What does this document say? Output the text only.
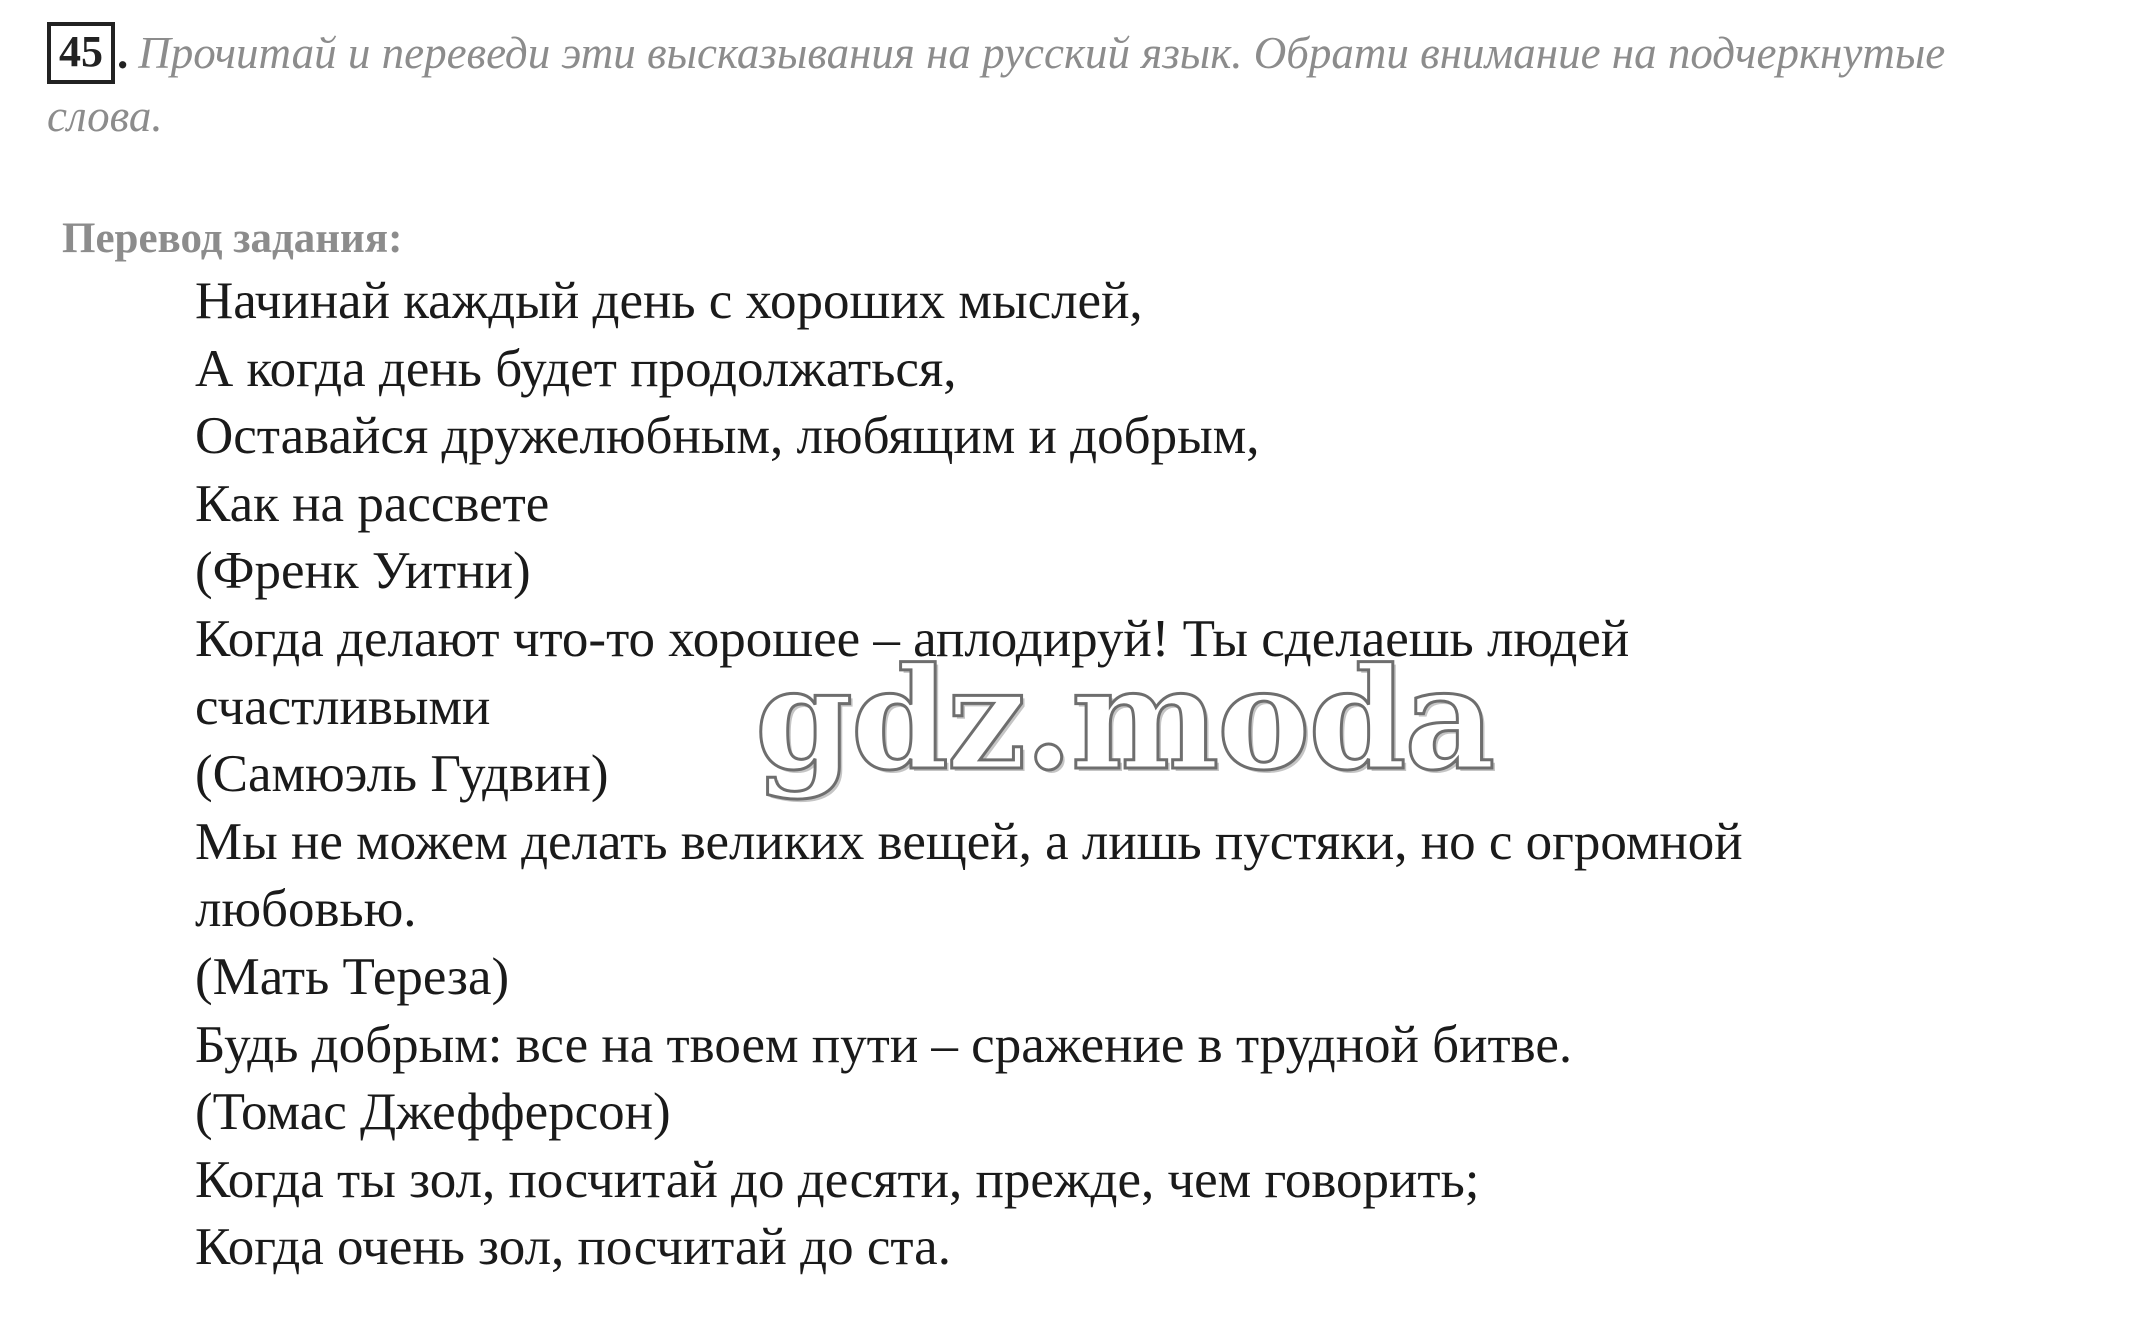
45 . Прочитай и переведи эти высказывания на русский язык. Обрати внимание на подчеркнутые слова.
Перевод задания:
Начинай каждый день с хороших мыслей,
А когда день будет продолжаться,
Оставайся дружелюбным, любящим и добрым,
Как на рассвете
(Френк Уитни)
Когда делают что-то хорошее – аплодируй! Ты сделаешь людей
счастливыми
(Самюэль Гудвин)
Мы не можем делать великих вещей, а лишь пустяки, но с огромной
любовью.
(Мать Тереза)
Будь добрым: все на твоем пути – сражение в трудной битве.
(Томас Джефферсон)
Когда ты зол, посчитай до десяти, прежде, чем говорить;
Когда очень зол, посчитай до ста.
gdz.moda
